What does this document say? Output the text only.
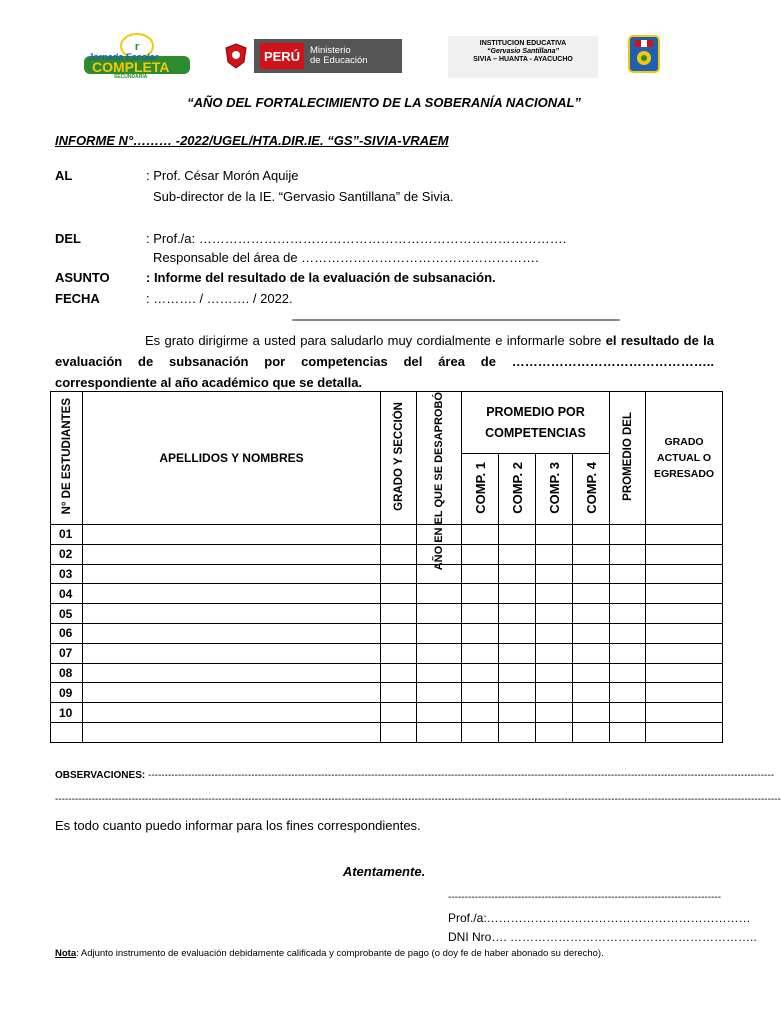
r
Jornada Escolar
COMPLETA
SECUNDARIA
PERÚ	Ministerio
de Educación
INSTITUCION EDUCATIVA
“Gervasio Santillana”
SIVIA – HUANTA - AYACUCHO
“AÑO DEL FORTALECIMIENTO DE LA SOBERANÍA NACIONAL”
INFORME N°……… -2022/UGEL/HTA.DIR.IE. “GS”-SIVIA-VRAEM
AL	: Prof. César Morón Aquije
Sub-director de la IE. “Gervasio Santillana” de Sivia.
DEL	: Prof./a: ………………………………………………………………………….
Responsable del área de ……………………………………………….
ASUNTO	: Informe del resultado de la evaluación de subsanación.
FECHA	: ………. / ………. / 2022.
Es grato dirigirme a usted para saludarlo muy cordialmente e informarle sobre el resultado de la evaluación de subsanación por competencias del área de ……………………………………….. correspondiente al año académico que se detalla.
N° DE ESTUDIANTES	APELLIDOS Y NOMBRES	GRADO Y SECCIÓN	AÑO EN EL QUE SE DESAPROBÓ	PROMEDIO POR COMPETENCIAS				PROMEDIO DEL	GRADO ACTUAL O EGRESADO
				COMP. 1	COMP. 2	COMP. 3	COMP. 4		
01									
02									
03									
04									
05									
06									
07									
08									
09									
10									

OBSERVACIONES: --------------------------------------------------------------------------------------------------------------------------------------------------------------------------------------------
--------------------------------------------------------------------------------------------------------------------------------------------------------------------------------------------------------------------------
Es todo cuanto puedo informar para los fines correspondientes.
Atentamente.
----------------------------------------------------------------------------------
Prof./a:…………………………………………………………
DNI Nro…. ……………………………………………………..
Nota: Adjunto instrumento de evaluación debidamente calificada y comprobante de pago (o doy fe de haber abonado su derecho).
